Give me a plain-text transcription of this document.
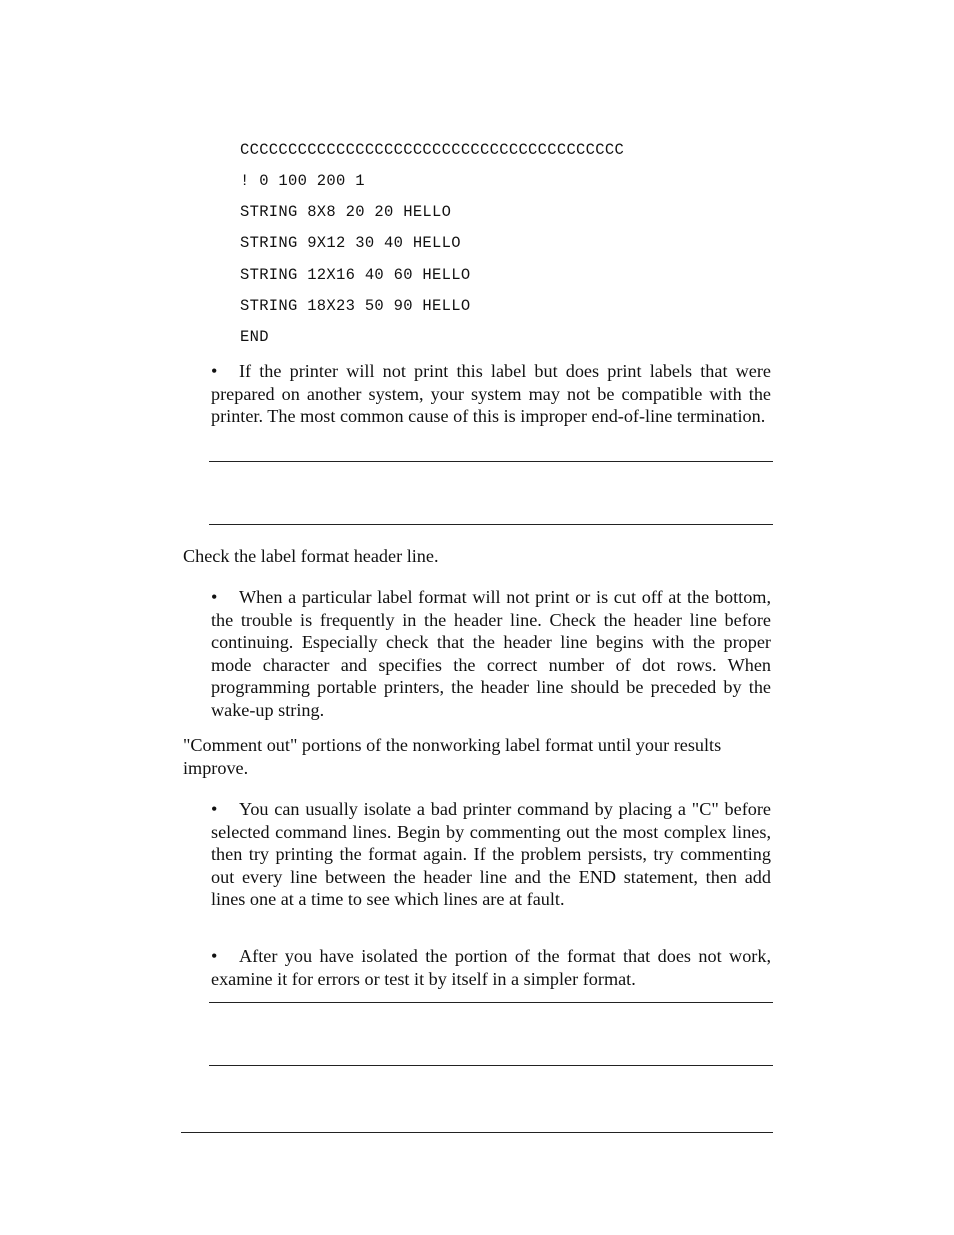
CCCCCCCCCCCCCCCCCCCCCCCCCCCCCCCCCCCCCCCC
! 0 100 200 1
STRING 8X8 20 20 HELLO
STRING 9X12 30 40 HELLO
STRING 12X16 40 60 HELLO
STRING 18X23 50 90 HELLO
END
• If the printer will not print this label but does print labels that were prepared on another system, your system may not be compatible with the printer. The most common cause of this is improper end-of-line termination.
Check the label format header line.
• When a particular label format will not print or is cut off at the bottom, the trouble is frequently in the header line. Check the header line before continuing. Especially check that the header line begins with the proper mode character and specifies the correct number of dot rows. When programming portable printers, the header line should be preceded by the wake-up string.
"Comment out" portions of the nonworking label format until your results improve.
• You can usually isolate a bad printer command by placing a "C" before selected command lines. Begin by commenting out the most complex lines, then try printing the format again. If the problem persists, try commenting out every line between the header line and the END statement, then add lines one at a time to see which lines are at fault.
• After you have isolated the portion of the format that does not work, examine it for errors or test it by itself in a simpler format.
